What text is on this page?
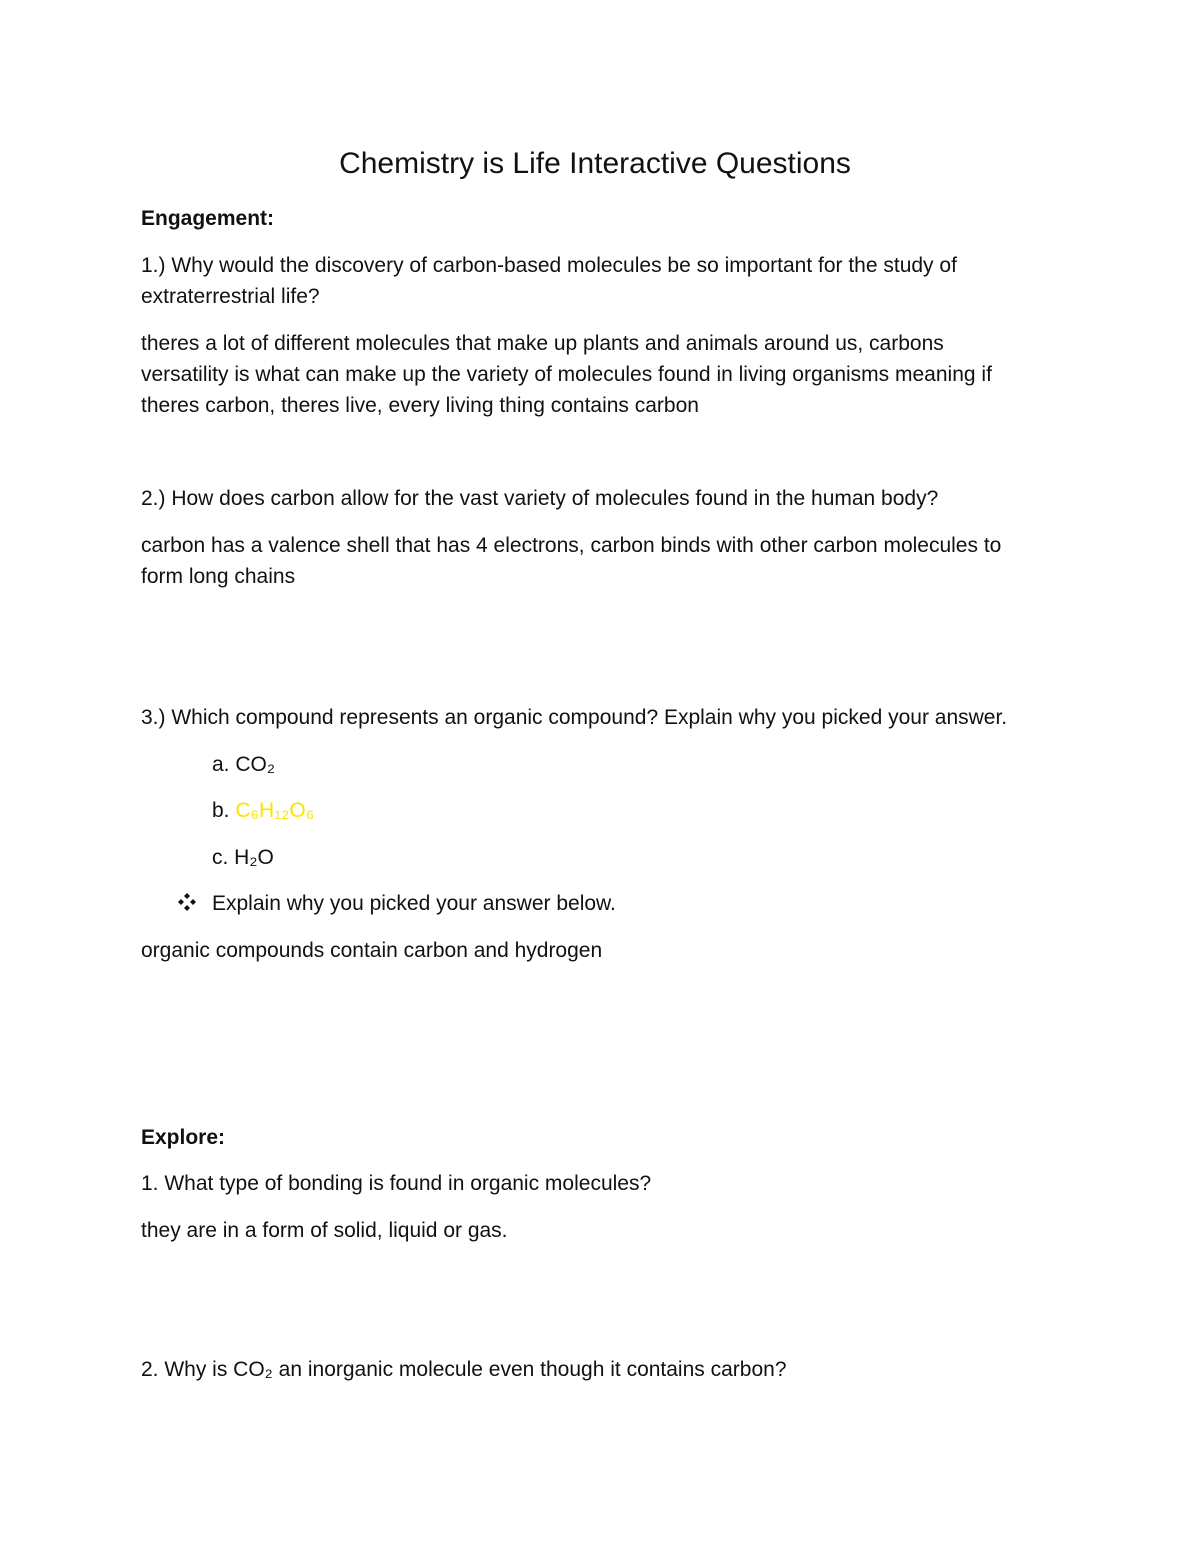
Chemistry is Life Interactive Questions
Engagement:
1.) Why would the discovery of carbon-based molecules be so important for the study of
extraterrestrial life?
theres a lot of different molecules that make up plants and animals around us, carbons
versatility is what can make up the variety of molecules found in living organisms meaning if
theres carbon, theres live, every living thing contains carbon
2.) How does carbon allow for the vast variety of molecules found in the human body?
carbon has a valence shell that has 4 electrons, carbon binds with other carbon molecules to
form long chains
3.) Which compound represents an organic compound? Explain why you picked your answer.
a. CO₂
b. C₆H₁₂O₆
c. H₂O
Explain why you picked your answer below.
organic compounds contain carbon and hydrogen
Explore:
1. What type of bonding is found in organic molecules?
they are in a form of solid, liquid or gas.
2. Why is CO₂ an inorganic molecule even though it contains carbon?
